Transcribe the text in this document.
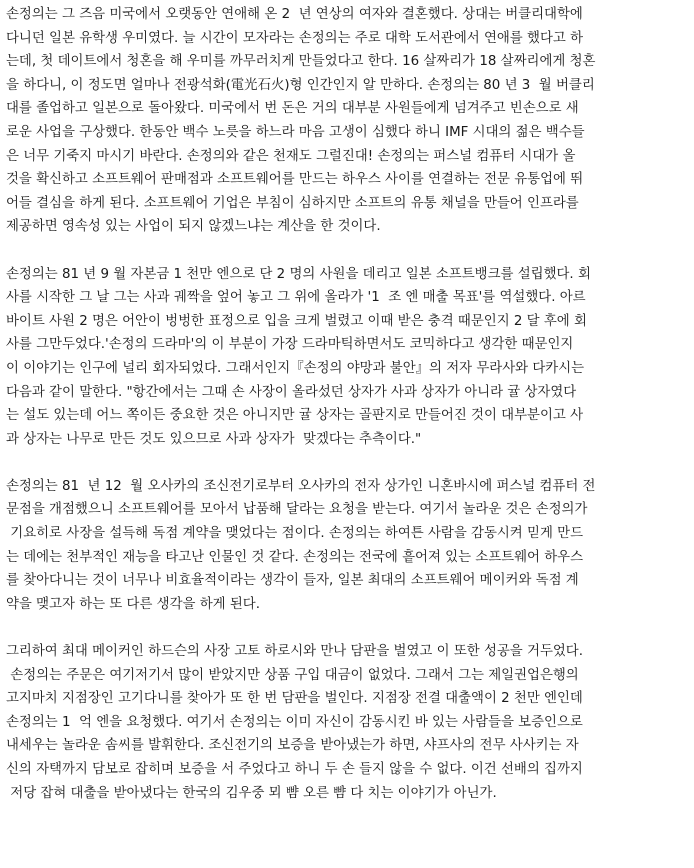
손정의는 그 즈음 미국에서 오랫동안 연애해 온 2  년 연상의 여자와 결혼했다. 상대는 버클리대학에
다니던 일본 유학생 우미였다. 늘 시간이 모자라는 손정의는 주로 대학 도서관에서 연애를 했다고 하
는데, 첫 데이트에서 청혼을 해 우미를 까무러치게 만들었다고 한다. 16 살짜리가 18 살짜리에게 청혼
을 하다니, 이 정도면 얼마나 전광석화(電光石火)형 인간인지 알 만하다. 손정의는 80 년 3  월 버클리
대를 졸업하고 일본으로 돌아왔다. 미국에서 번 돈은 거의 대부분 사원들에게 넘겨주고 빈손으로 새
로운 사업을 구상했다. 한동안 백수 노릇을 하느라 마음 고생이 심했다 하니 IMF 시대의 젊은 백수들
은 너무 기죽지 마시기 바란다. 손정의와 같은 천재도 그럴진대! 손정의는 퍼스널 컴퓨터 시대가 올
것을 확신하고 소프트웨어 판매점과 소프트웨어를 만드는 하우스 사이를 연결하는 전문 유통업에 뛰
어들 결심을 하게 된다. 소프트웨어 기업은 부침이 심하지만 소프트의 유통 채널을 만들어 인프라를
제공하면 영속성 있는 사업이 되지 않겠느냐는 계산을 한 것이다.
손정의는 81 년 9 월 자본금 1 천만 엔으로 단 2 명의 사원을 데리고 일본 소프트뱅크를 설립했다. 회
사를 시작한 그 날 그는 사과 궤짝을 엎어 놓고 그 위에 올라가 '1  조 엔 매출 목표'를 역설했다. 아르
바이트 사원 2 명은 어안이 벙벙한 표정으로 입을 크게 벌렸고 이때 받은 충격 때문인지 2 달 후에 회
사를 그만두었다.'손정의 드라마'의 이 부분이 가장 드라마틱하면서도 코믹하다고 생각한 때문인지
이 이야기는 인구에 널리 회자되었다. 그래서인지『손정의 야망과 불안』의 저자 무라사와 다카시는
다음과 같이 말한다. "항간에서는 그때 손 사장이 올라섰던 상자가 사과 상자가 아니라 귤 상자였다
는 설도 있는데 어느 쪽이든 중요한 것은 아니지만 귤 상자는 골판지로 만들어진 것이 대부분이고 사
과 상자는 나무로 만든 것도 있으므로 사과 상자가  맞겠다는 추측이다."
손정의는 81  년 12  월 오사카의 조신전기로부터 오사카의 전자 상가인 니혼바시에 퍼스널 컴퓨터 전
문점을 개점했으니 소프트웨어를 모아서 납품해 달라는 요청을 받는다. 여기서 놀라운 것은 손정의가
기요히로 사장을 설득해 독점 계약을 맺었다는 점이다. 손정의는 하여튼 사람을 감동시켜 믿게 만드
는 데에는 천부적인 재능을 타고난 인물인 것 같다. 손정의는 전국에 흩어져 있는 소프트웨어 하우스
를 찾아다니는 것이 너무나 비효율적이라는 생각이 들자, 일본 최대의 소프트웨어 메이커와 독점 계
약을 맺고자 하는 또 다른 생각을 하게 된다.
그리하여 최대 메이커인 하드슨의 사장 고토 하로시와 만나 담판을 벌였고 이 또한 성공을 거두었다.
손정의는 주문은 여기저기서 많이 받았지만 상품 구입 대금이 없었다. 그래서 그는 제일권업은행의
고지마치 지점장인 고기다니를 찾아가 또 한 번 담판을 벌인다. 지점장 전결 대출액이 2 천만 엔인데
손정의는 1  억 엔을 요청했다. 여기서 손정의는 이미 자신이 감동시킨 바 있는 사람들을 보증인으로
내세우는 놀라운 솜씨를 발휘한다. 조신전기의 보증을 받아냈는가 하면, 샤프사의 전무 사사키는 자
신의 자택까지 담보로 잡히며 보증을 서 주었다고 하니 두 손 들지 않을 수 없다. 이건 선배의 집까지
저당 잡혀 대출을 받아냈다는 한국의 김우중 뫼 뺨 오른 뺨 다 치는 이야기가 아닌가.
